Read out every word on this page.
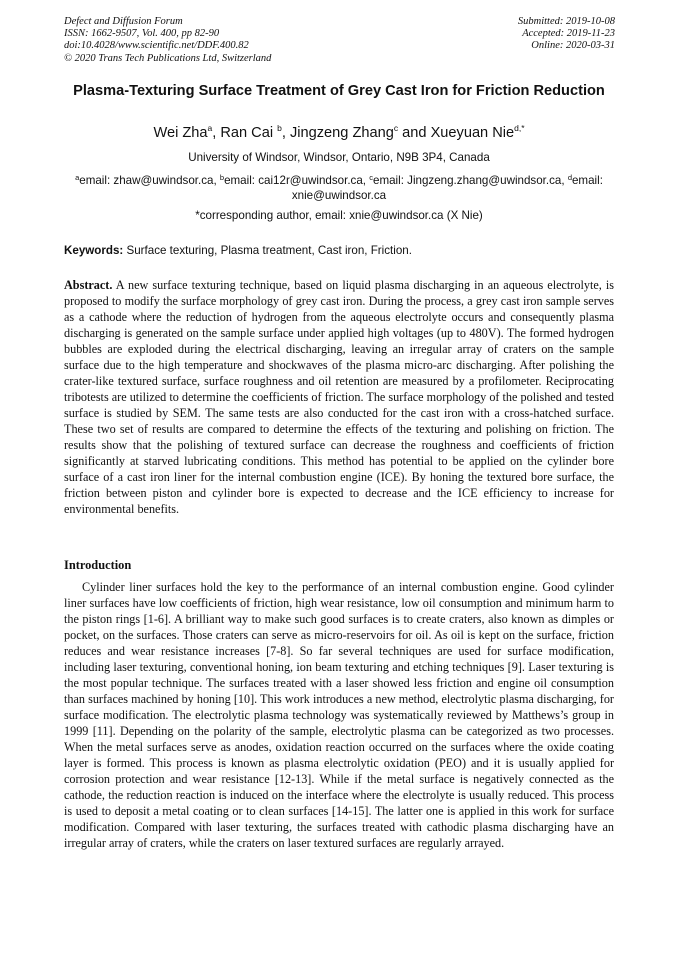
Defect and Diffusion Forum
ISSN: 1662-9507, Vol. 400, pp 82-90
doi:10.4028/www.scientific.net/DDF.400.82
© 2020 Trans Tech Publications Ltd, Switzerland
Submitted: 2019-10-08
Accepted: 2019-11-23
Online: 2020-03-31
Plasma-Texturing Surface Treatment of Grey Cast Iron for Friction Reduction
Wei Zha$^a$, Ran Cai $^b$, Jingzeng Zhang$^c$ and Xueyuan Nie$^{d,*}$
University of Windsor, Windsor, Ontario, N9B 3P4, Canada
$^a$email: zhaw@uwindsor.ca, $^b$email: cai12r@uwindsor.ca, $^c$email: Jingzeng.zhang@uwindsor.ca, $^d$email: xnie@uwindsor.ca
*corresponding author, email: xnie@uwindsor.ca (X Nie)
Keywords: Surface texturing, Plasma treatment, Cast iron, Friction.

Abstract. A new surface texturing technique, based on liquid plasma discharging in an aqueous electrolyte, is proposed to modify the surface morphology of grey cast iron. During the process, a grey cast iron sample serves as a cathode where the reduction of hydrogen from the aqueous electrolyte occurs and consequently plasma discharging is generated on the sample surface under applied high voltages (up to 480V). The formed hydrogen bubbles are exploded during the electrical discharging, leaving an irregular array of craters on the sample surface due to the high temperature and shockwaves of the plasma micro-arc discharging. After polishing the crater-like textured surface, surface roughness and oil retention are measured by a profilometer. Reciprocating tribotests are utilized to determine the coefficients of friction. The surface morphology of the polished and tested surface is studied by SEM. The same tests are also conducted for the cast iron with a cross-hatched surface. These two set of results are compared to determine the effects of the texturing and polishing on friction. The results show that the polishing of textured surface can decrease the roughness and coefficients of friction significantly at starved lubricating conditions. This method has potential to be applied on the cylinder bore surface of a cast iron liner for the internal combustion engine (ICE). By honing the textured bore surface, the friction between piston and cylinder bore is expected to decrease and the ICE efficiency to increase for environmental benefits.

Introduction

Cylinder liner surfaces hold the key to the performance of an internal combustion engine. Good cylinder liner surfaces have low coefficients of friction, high wear resistance, low oil consumption and minimum harm to the piston rings [1-6]. A brilliant way to make such good surfaces is to create craters, also known as dimples or pocket, on the surfaces. Those craters can serve as micro-reservoirs for oil. As oil is kept on the surface, friction reduces and wear resistance increases [7-8]. So far several techniques are used for surface modification, including laser texturing, conventional honing, ion beam texturing and etching techniques [9]. Laser texturing is the most popular technique. The surfaces treated with a laser showed less friction and engine oil consumption than surfaces machined by honing [10]. This work introduces a new method, electrolytic plasma discharging, for surface modification. The electrolytic plasma technology was systematically reviewed by Matthews’s group in 1999 [11]. Depending on the polarity of the sample, electrolytic plasma can be categorized as two processes. When the metal surfaces serve as anodes, oxidation reaction occurred on the surfaces where the oxide coating layer is formed. This process is known as plasma electrolytic oxidation (PEO) and it is usually applied for corrosion protection and wear resistance [12-13]. While if the metal surface is negatively connected as the cathode, the reduction reaction is induced on the interface where the electrolyte is usually reduced. This process is used to deposit a metal coating or to clean surfaces [14-15]. The latter one is applied in this work for surface modification. Compared with laser texturing, the surfaces treated with cathodic plasma discharging have an irregular array of craters, while the craters on laser textured surfaces are regularly arrayed.
